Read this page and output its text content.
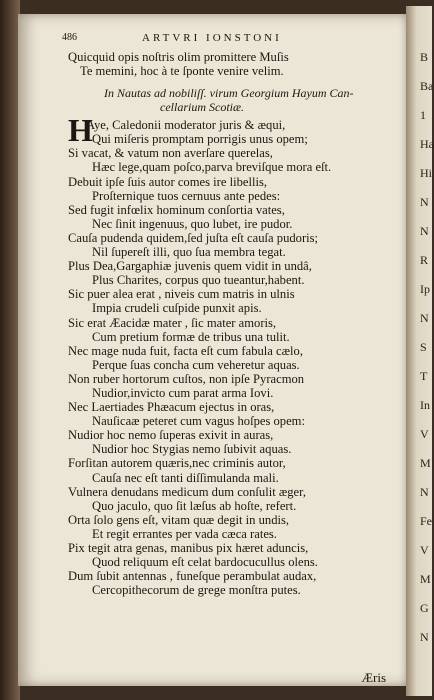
B
Ba
1
Ha
Hi
N
N
R
Ip
N
S
T
In
V
M
N
Fe
V
M
G
N
486	ARTVRI IONSTONI
Quicquid opis noſtris olim promittere Muſis
Te memini, hoc à te ſponte venire velim.
In Nautas ad nobiliſſ. virum Georgium Hayum Can-
cellarium Scotiæ.
H
Aye, Caledonii moderator juris & æqui,
Qui miſeris promptam porrigis unus opem;
Si vacat, & vatum non averſare querelas,
Hæc lege,quam poſco,parva breviſque mora eſt.
Debuit ipſe ſuis autor comes ire libellis,
Proſternique tuos cernuus ante pedes:
Sed fugit infœlix hominum conſortia vates,
Nec ſinit ingenuus, quo lubet, ire pudor.
Cauſa pudenda quidem,ſed juſta eſt cauſa pudoris;
Nil ſupereſt illi, quo ſua membra tegat.
Plus Dea,Gargaphiæ juvenis quem vidit in undâ,
Plus Charites, corpus quo tueantur,habent.
Sic puer alea erat , niveis cum matris in ulnis
Impia crudeli cuſpide punxit apis.
Sic erat Æacidæ mater , ſic mater amoris,
Cum pretium formæ de tribus una tulit.
Nec mage nuda fuit, facta eſt cum fabula cælo,
Perque ſuas concha cum veheretur aquas.
Non ruber hortorum cuſtos, non ipſe Pyracmon
Nudior,invicto cum parat arma Iovi.
Nec Laertiades Phæacum ejectus in oras,
Nauſicaæ peteret cum vagus hoſpes opem:
Nudior hoc nemo ſuperas exivit in auras,
Nudior hoc Stygias nemo ſubivit aquas.
Forſitan autorem quæris,nec criminis autor,
Cauſa nec eſt tanti diſſimulanda mali.
Vulnera denudans medicum dum conſulit æger,
Quo jaculo, quo ſit læſus ab hoſte, refert.
Orta ſolo gens eſt, vitam quæ degit in undis,
Et regit errantes per vada cæca rates.
Pix tegit atra genas, manibus pix hæret aduncis,
Quod reliquum eſt celat bardocucullus olens.
Dum ſubit antennas , funeſque perambulat audax,
Cercopithecorum de grege monſtra putes.
Æris
